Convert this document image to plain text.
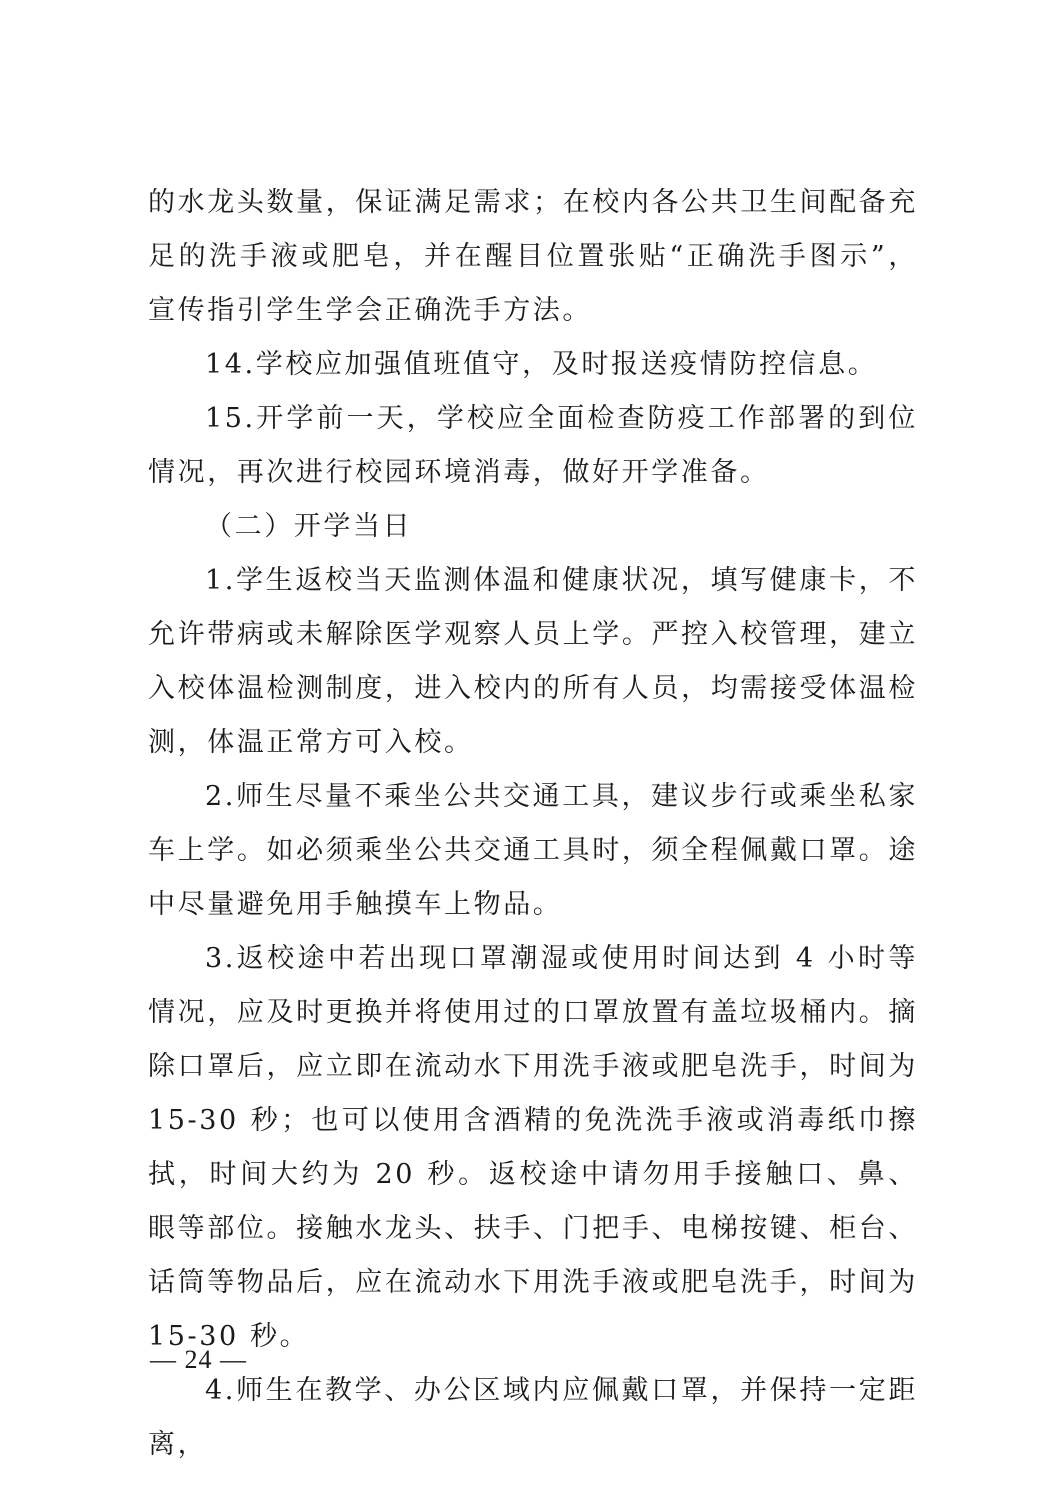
的水龙头数量，保证满足需求；在校内各公共卫生间配备充足的洗手液或肥皂，并在醒目位置张贴“正确洗手图示”，宣传指引学生学会正确洗手方法。

14.学校应加强值班值守，及时报送疫情防控信息。

15.开学前一天，学校应全面检查防疫工作部署的到位情况，再次进行校园环境消毒，做好开学准备。

（二）开学当日

1.学生返校当天监测体温和健康状况，填写健康卡，不允许带病或未解除医学观察人员上学。严控入校管理，建立入校体温检测制度，进入校内的所有人员，均需接受体温检测，体温正常方可入校。

2.师生尽量不乘坐公共交通工具，建议步行或乘坐私家车上学。如必须乘坐公共交通工具时，须全程佩戴口罩。途中尽量避免用手触摸车上物品。

3.返校途中若出现口罩潮湿或使用时间达到 4 小时等情况，应及时更换并将使用过的口罩放置有盖垃圾桶内。摘除口罩后，应立即在流动水下用洗手液或肥皂洗手，时间为 15-30 秒；也可以使用含酒精的免洗洗手液或消毒纸巾擦拭，时间大约为 20 秒。返校途中请勿用手接触口、鼻、眼等部位。接触水龙头、扶手、门把手、电梯按键、柜台、话筒等物品后，应在流动水下用洗手液或肥皂洗手，时间为 15-30 秒。

4.师生在教学、办公区域内应佩戴口罩，并保持一定距离，

— 24 —
